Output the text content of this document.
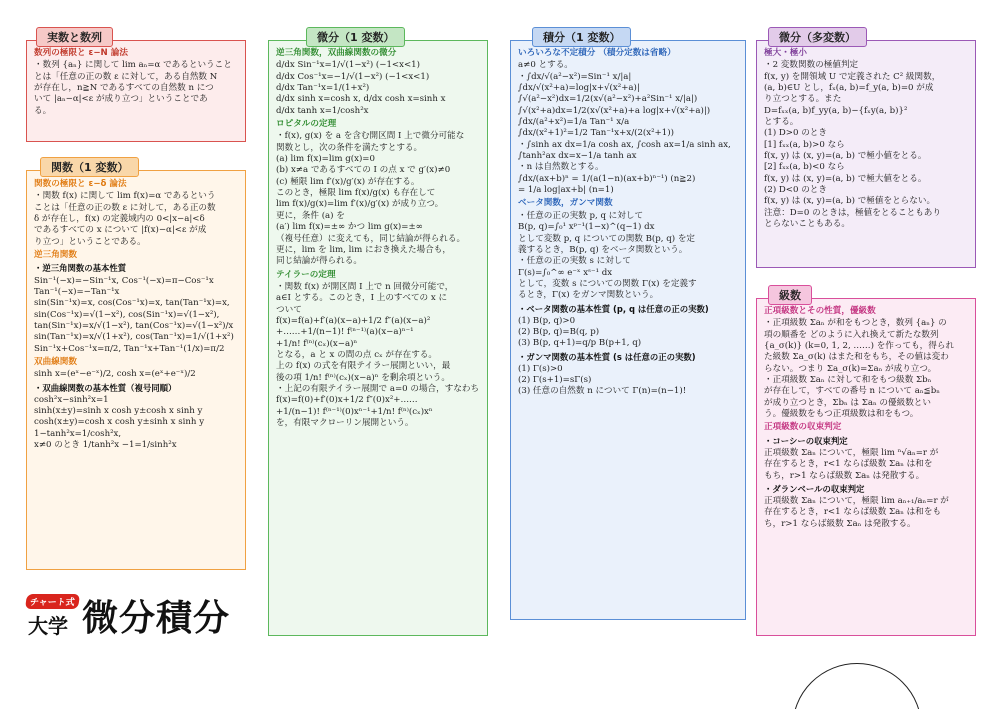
数列の極限と ε−N 論法
・数列 {aₙ} に関して lim aₙ=α であるということ
とは「任意の正の数 ε に対して，ある自然数 N
が存在し，n≧N であるすべての自然数 n につ
いて |aₙ−α|<ε が成り立つ」ということであ
る。
実数と数列
関数の極限と ε−δ 論法
・関数 f(x) に関して lim f(x)=α であるという
ことは「任意の正の数 ε に対して，ある正の数
δ が存在し，f(x) の定義域内の 0<|x−a|<δ
であるすべての x について |f(x)−α|<ε が成
り立つ」ということである。
逆三角関数
・逆三角関数の基本性質
Sin⁻¹(−x)=−Sin⁻¹x, Cos⁻¹(−x)=π−Cos⁻¹x
Tan⁻¹(−x)=−Tan⁻¹x
sin(Sin⁻¹x)=x, cos(Cos⁻¹x)=x, tan(Tan⁻¹x)=x,
sin(Cos⁻¹x)=√(1−x²), cos(Sin⁻¹x)=√(1−x²),
tan(Sin⁻¹x)=x/√(1−x²), tan(Cos⁻¹x)=√(1−x²)/x
sin(Tan⁻¹x)=x/√(1+x²), cos(Tan⁻¹x)=1/√(1+x²)
Sin⁻¹x+Cos⁻¹x=π/2, Tan⁻¹x+Tan⁻¹(1/x)=π/2
双曲線関数
sinh x=(eˣ−e⁻ˣ)/2, cosh x=(eˣ+e⁻ˣ)/2
・双曲線関数の基本性質（複号同順）
cosh²x−sinh²x=1
sinh(x±y)=sinh x cosh y±cosh x sinh y
cosh(x±y)=cosh x cosh y±sinh x sinh y
1−tanh²x=1/cosh²x,
x≠0 のとき 1/tanh²x −1=1/sinh²x
関数（1 変数）
逆三角関数，双曲線関数の微分
d/dx Sin⁻¹x=1/√(1−x²) (−1<x<1)
d/dx Cos⁻¹x=−1/√(1−x²) (−1<x<1)
d/dx Tan⁻¹x=1/(1+x²)
d/dx sinh x=cosh x, d/dx cosh x=sinh x
d/dx tanh x=1/cosh²x
ロピタルの定理
・f(x), g(x) を a を含む開区間 I 上で微分可能な
関数とし，次の条件を満たすとする。
(a) lim f(x)=lim g(x)=0
(b) x≠a であるすべての I の点 x で g′(x)≠0
(c) 極限 lim f′(x)/g′(x) が存在する。
このとき，極限 lim f(x)/g(x) も存在して
lim f(x)/g(x)=lim f′(x)/g′(x) が成り立つ。
更に，条件 (a) を
(a′) lim f(x)=±∞ かつ lim g(x)=±∞
（複号任意）に変えても，同じ結論が得られる。
更に，lim を lim, lim におき換えた場合も，
同じ結論が得られる。
テイラーの定理
・関数 f(x) が開区間 I 上で n 回微分可能で，
a∈I とする。このとき，I 上のすべての x に
ついて
f(x)=f(a)+f′(a)(x−a)+1/2 f″(a)(x−a)²
+……+1/(n−1)! f⁽ⁿ⁻¹⁾(a)(x−a)ⁿ⁻¹
+1/n! f⁽ⁿ⁾(cₓ)(x−a)ⁿ
となる，a と x の間の点 cₓ が存在する。
上の f(x) の式を有限テイラー展開といい，最
後の項 1/n! f⁽ⁿ⁾(cₓ)(x−a)ⁿ を剰余項という。
・上記の有限テイラー展開で a=0 の場合，すなわち
f(x)=f(0)+f′(0)x+1/2 f″(0)x²+……
+1/(n−1)! f⁽ⁿ⁻¹⁾(0)xⁿ⁻¹+1/n! f⁽ⁿ⁾(cₓ)xⁿ
を，有限マクローリン展開という。
微分（1 変数）
いろいろな不定積分 （積分定数は省略）
a≠0 とする。
・∫dx/√(a²−x²)=Sin⁻¹ x/|a|
∫dx/√(x²+a)=log|x+√(x²+a)|
∫√(a²−x²)dx=1/2(x√(a²−x²)+a²Sin⁻¹ x/|a|)
∫√(x²+a)dx=1/2(x√(x²+a)+a log|x+√(x²+a)|)
∫dx/(a²+x²)=1/a Tan⁻¹ x/a
∫dx/(x²+1)²=1/2 Tan⁻¹x+x/(2(x²+1))
・∫sinh ax dx=1/a cosh ax, ∫cosh ax=1/a sinh ax,
∫tanh²ax dx=x−1/a tanh ax
・n は自然数とする。
∫dx/(ax+b)ⁿ = 1/(a(1−n)(ax+b)ⁿ⁻¹) (n≧2)
= 1/a log|ax+b| (n=1)
ベータ関数，ガンマ関数
・任意の正の実数 p, q に対して
B(p, q)=∫₀¹ xᵖ⁻¹(1−x)^(q−1) dx
として変数 p, q についての関数 B(p, q) を定
義するとき，B(p, q) をベータ関数という。
・任意の正の実数 s に対して
Γ(s)=∫₀^∞ e⁻ˣ xˢ⁻¹ dx
として，変数 s についての関数 Γ(x) を定義す
るとき，Γ(x) をガンマ関数という。
・ベータ関数の基本性質 (p, q は任意の正の実数)
(1) B(p, q)>0
(2) B(p, q)=B(q, p)
(3) B(p, q+1)=q/p B(p+1, q)
・ガンマ関数の基本性質 (s は任意の正の実数)
(1) Γ(s)>0
(2) Γ(s+1)=sΓ(s)
(3) 任意の自然数 n について Γ(n)=(n−1)!
積分（1 変数）
極大・極小
・2 変数関数の極値判定
f(x, y) を開領域 U で定義された C² 級関数，
(a, b)∈U とし，fₓ(a, b)=f_y(a, b)=0 が成
り立つとする。また
D=fₓₓ(a, b)f_yy(a, b)−{fₓy(a, b)}²
とする。
(1) D>0 のとき
[1] fₓₓ(a, b)>0 なら
f(x, y) は (x, y)=(a, b) で極小値をとる。
[2] fₓₓ(a, b)<0 なら
f(x, y) は (x, y)=(a, b) で極大値をとる。
(2) D<0 のとき
f(x, y) は (x, y)=(a, b) で極値をとらない。
注意：D=0 のときは，極値をとることもあり
とらないこともある。
微分（多変数）
正項級数とその性質，優級数
・正項級数 Σaₙ が和をもつとき，数列 {aₙ} の
項の順番を どのように入れ換えて新たな数列
{a_σ(k)} (k=0, 1, 2, ……) を作っても，得られ
た級数 Σa_σ(k) はまた和をもち，その値は変わ
らない。つまり Σa_σ(k)=Σaₙ が成り立つ。
・正項級数 Σaₙ に対して和をもつ級数 Σbₙ
が存在して，すべての番号 n について aₙ≦bₙ
が成り立つとき，Σbₙ は Σaₙ の優級数とい
う。優級数をもつ正項級数は和をもつ。
正項級数の収束判定
・コーシーの収束判定
正項級数 Σaₙ について，極限 lim ⁿ√aₙ=r が
存在するとき，r<1 ならば級数 Σaₙ は和を
もち，r>1 ならば級数 Σaₙ は発散する。
・ダランベールの収束判定
正項級数 Σaₙ について，極限 lim aₙ₊₁/aₙ=r が
存在するとき，r<1 ならば級数 Σaₙ は和をも
ち，r>1 ならば級数 Σaₙ は発散する。
級数
チャート式
大学 微分積分
